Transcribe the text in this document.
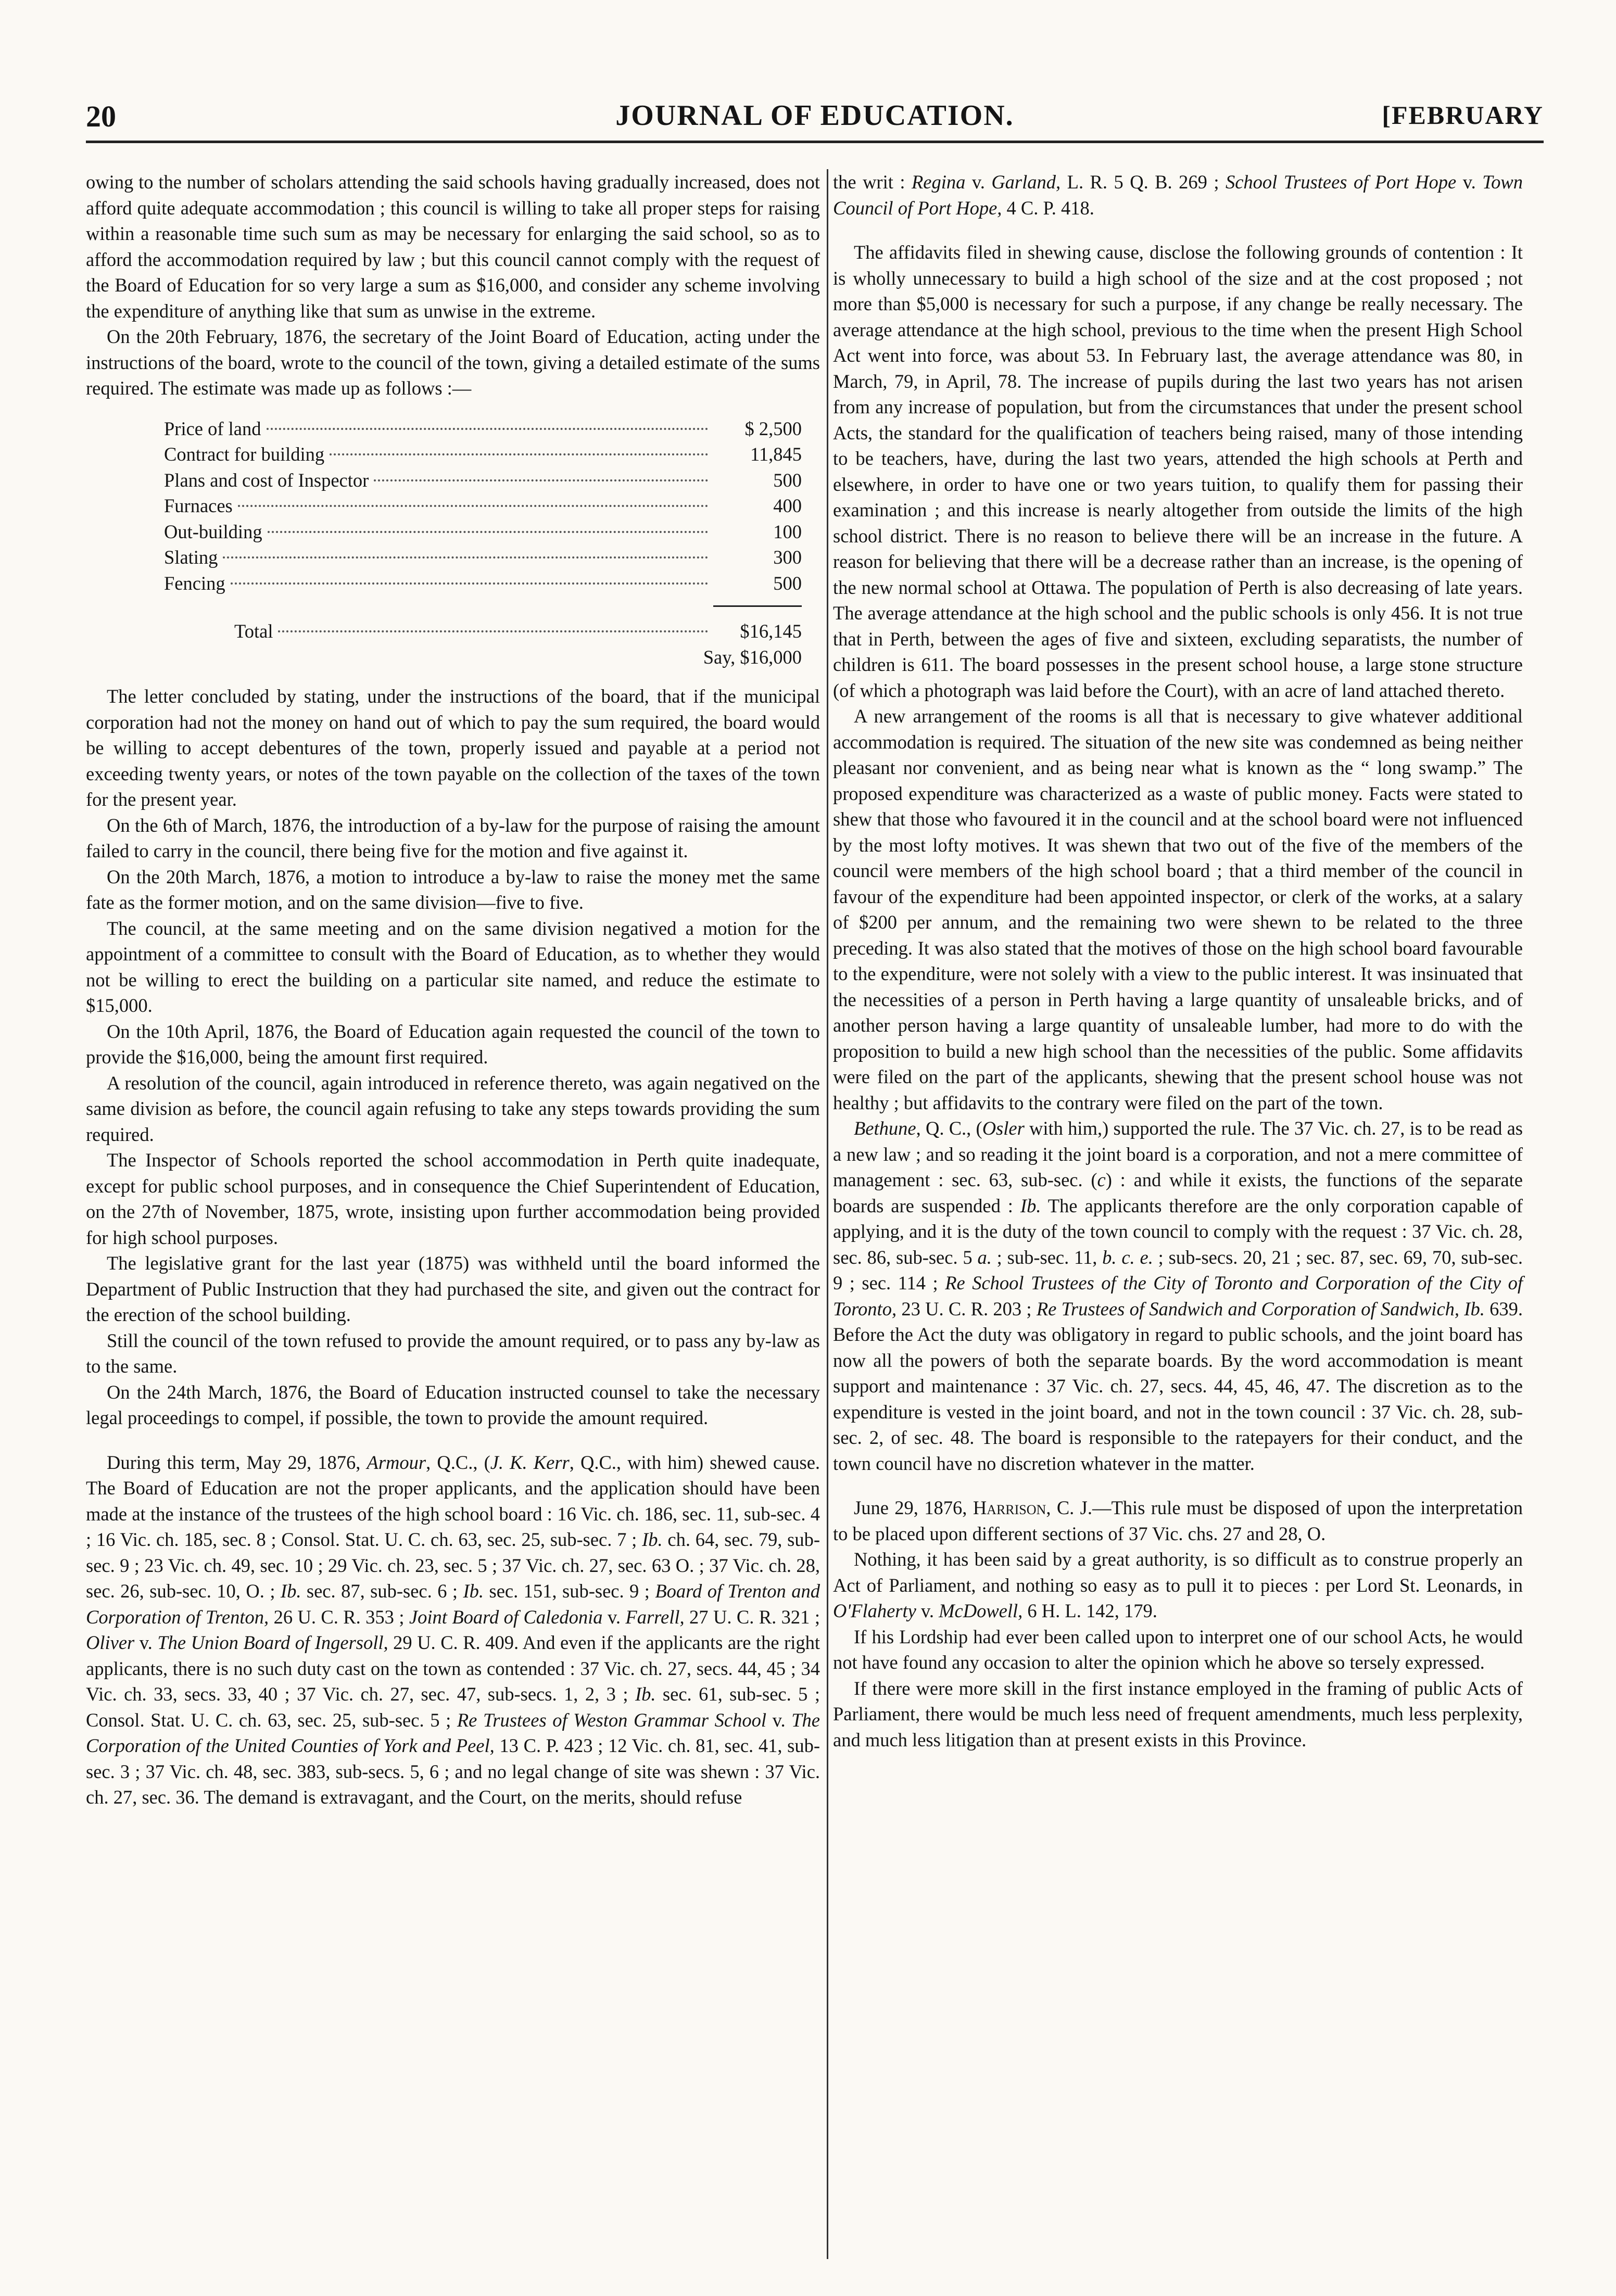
20	JOURNAL OF EDUCATION.	[FEBRUARY

owing to the number of scholars attending the said schools having gradually increased, does not afford quite adequate accommodation ; this council is willing to take all proper steps for raising within a reasonable time such sum as may be necessary for enlarging the said school, so as to afford the accommodation required by law ; but this council cannot comply with the request of the Board of Education for so very large a sum as $16,000, and consider any scheme involving the expenditure of anything like that sum as unwise in the extreme.

On the 20th February, 1876, the secretary of the Joint Board of Education, acting under the instructions of the board, wrote to the council of the town, giving a detailed estimate of the sums required. The estimate was made up as follows :—

Price of land	$ 2,500
Contract for building	11,845
Plans and cost of Inspector	500
Furnaces	400
Out-building	100
Slating	300
Fencing	500
Total	$16,145
Say, $16,000

The letter concluded by stating, under the instructions of the board, that if the municipal corporation had not the money on hand out of which to pay the sum required, the board would be willing to accept debentures of the town, properly issued and payable at a period not exceeding twenty years, or notes of the town payable on the collection of the taxes of the town for the present year.

On the 6th of March, 1876, the introduction of a by-law for the purpose of raising the amount failed to carry in the council, there being five for the motion and five against it.

On the 20th March, 1876, a motion to introduce a by-law to raise the money met the same fate as the former motion, and on the same division—five to five.

The council, at the same meeting and on the same division negatived a motion for the appointment of a committee to consult with the Board of Education, as to whether they would not be willing to erect the building on a particular site named, and reduce the estimate to $15,000.

On the 10th April, 1876, the Board of Education again requested the council of the town to provide the $16,000, being the amount first required.

A resolution of the council, again introduced in reference thereto, was again negatived on the same division as before, the council again refusing to take any steps towards providing the sum required.

The Inspector of Schools reported the school accommodation in Perth quite inadequate, except for public school purposes, and in consequence the Chief Superintendent of Education, on the 27th of November, 1875, wrote, insisting upon further accommodation being provided for high school purposes.

The legislative grant for the last year (1875) was withheld until the board informed the Department of Public Instruction that they had purchased the site, and given out the contract for the erection of the school building.

Still the council of the town refused to provide the amount required, or to pass any by-law as to the same.

On the 24th March, 1876, the Board of Education instructed counsel to take the necessary legal proceedings to compel, if possible, the town to provide the amount required.

During this term, May 29, 1876, Armour, Q.C., (J. K. Kerr, Q.C., with him) shewed cause. The Board of Education are not the proper applicants, and the application should have been made at the instance of the trustees of the high school board : 16 Vic. ch. 186, sec. 11, sub-sec. 4 ; 16 Vic. ch. 185, sec. 8 ; Consol. Stat. U. C. ch. 63, sec. 25, sub-sec. 7 ; Ib. ch. 64, sec. 79, sub-sec. 9 ; 23 Vic. ch. 49, sec. 10 ; 29 Vic. ch. 23, sec. 5 ; 37 Vic. ch. 27, sec. 63 O. ; 37 Vic. ch. 28, sec. 26, sub-sec. 10, O. ; Ib. sec. 87, sub-sec. 6 ; Ib. sec. 151, sub-sec. 9 ; Board of Trenton and Corporation of Trenton, 26 U. C. R. 353 ; Joint Board of Caledonia v. Farrell, 27 U. C. R. 321 ; Oliver v. The Union Board of Ingersoll, 29 U. C. R. 409. And even if the applicants are the right applicants, there is no such duty cast on the town as contended : 37 Vic. ch. 27, secs. 44, 45 ; 34 Vic. ch. 33, secs. 33, 40 ; 37 Vic. ch. 27, sec. 47, sub-secs. 1, 2, 3 ; Ib. sec. 61, sub-sec. 5 ; Consol. Stat. U. C. ch. 63, sec. 25, sub-sec. 5 ; Re Trustees of Weston Grammar School v. The Corporation of the United Counties of York and Peel, 13 C. P. 423 ; 12 Vic. ch. 81, sec. 41, sub-sec. 3 ; 37 Vic. ch. 48, sec. 383, sub-secs. 5, 6 ; and no legal change of site was shewn : 37 Vic. ch. 27, sec. 36. The demand is extravagant, and the Court, on the merits, should refuse

the writ : Regina v. Garland, L. R. 5 Q. B. 269 ; School Trustees of Port Hope v. Town Council of Port Hope, 4 C. P. 418.

The affidavits filed in shewing cause, disclose the following grounds of contention : It is wholly unnecessary to build a high school of the size and at the cost proposed ; not more than $5,000 is necessary for such a purpose, if any change be really necessary. The average attendance at the high school, previous to the time when the present High School Act went into force, was about 53. In February last, the average attendance was 80, in March, 79, in April, 78. The increase of pupils during the last two years has not arisen from any increase of population, but from the circumstances that under the present school Acts, the standard for the qualification of teachers being raised, many of those intending to be teachers, have, during the last two years, attended the high schools at Perth and elsewhere, in order to have one or two years tuition, to qualify them for passing their examination ; and this increase is nearly altogether from outside the limits of the high school district. There is no reason to believe there will be an increase in the future. A reason for believing that there will be a decrease rather than an increase, is the opening of the new normal school at Ottawa. The population of Perth is also decreasing of late years. The average attendance at the high school and the public schools is only 456. It is not true that in Perth, between the ages of five and sixteen, excluding separatists, the number of children is 611. The board possesses in the present school house, a large stone structure (of which a photograph was laid before the Court), with an acre of land attached thereto.

A new arrangement of the rooms is all that is necessary to give whatever additional accommodation is required. The situation of the new site was condemned as being neither pleasant nor convenient, and as being near what is known as the “ long swamp.” The proposed expenditure was characterized as a waste of public money. Facts were stated to shew that those who favoured it in the council and at the school board were not influenced by the most lofty motives. It was shewn that two out of the five of the members of the council were members of the high school board ; that a third member of the council in favour of the expenditure had been appointed inspector, or clerk of the works, at a salary of $200 per annum, and the remaining two were shewn to be related to the three preceding. It was also stated that the motives of those on the high school board favourable to the expenditure, were not solely with a view to the public interest. It was insinuated that the necessities of a person in Perth having a large quantity of unsaleable bricks, and of another person having a large quantity of unsaleable lumber, had more to do with the proposition to build a new high school than the necessities of the public. Some affidavits were filed on the part of the applicants, shewing that the present school house was not healthy ; but affidavits to the contrary were filed on the part of the town.

Bethune, Q. C., (Osler with him,) supported the rule. The 37 Vic. ch. 27, is to be read as a new law ; and so reading it the joint board is a corporation, and not a mere committee of management : sec. 63, sub-sec. (c) : and while it exists, the functions of the separate boards are suspended : Ib. The applicants therefore are the only corporation capable of applying, and it is the duty of the town council to comply with the request : 37 Vic. ch. 28, sec. 86, sub-sec. 5 a. ; sub-sec. 11, b. c. e. ; sub-secs. 20, 21 ; sec. 87, sec. 69, 70, sub-sec. 9 ; sec. 114 ; Re School Trustees of the City of Toronto and Corporation of the City of Toronto, 23 U. C. R. 203 ; Re Trustees of Sandwich and Corporation of Sandwich, Ib. 639. Before the Act the duty was obligatory in regard to public schools, and the joint board has now all the powers of both the separate boards. By the word accommodation is meant support and maintenance : 37 Vic. ch. 27, secs. 44, 45, 46, 47. The discretion as to the expenditure is vested in the joint board, and not in the town council : 37 Vic. ch. 28, sub-sec. 2, of sec. 48. The board is responsible to the ratepayers for their conduct, and the town council have no discretion whatever in the matter.

June 29, 1876, Harrison, C. J.—This rule must be disposed of upon the interpretation to be placed upon different sections of 37 Vic. chs. 27 and 28, O.

Nothing, it has been said by a great authority, is so difficult as to construe properly an Act of Parliament, and nothing so easy as to pull it to pieces : per Lord St. Leonards, in O'Flaherty v. McDowell, 6 H. L. 142, 179.

If his Lordship had ever been called upon to interpret one of our school Acts, he would not have found any occasion to alter the opinion which he above so tersely expressed.

If there were more skill in the first instance employed in the framing of public Acts of Parliament, there would be much less need of frequent amendments, much less perplexity, and much less litigation than at present exists in this Province.
